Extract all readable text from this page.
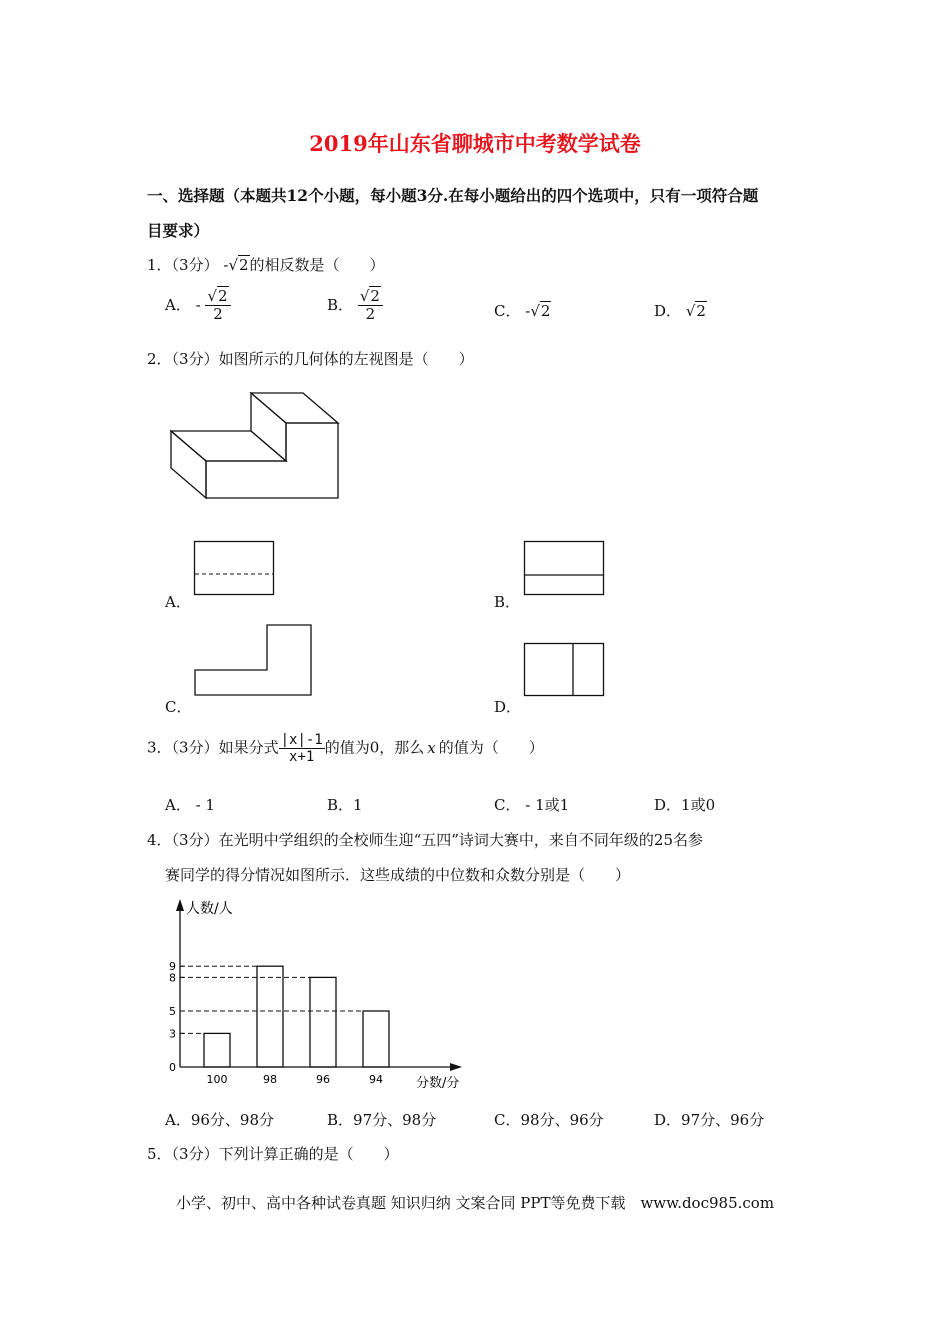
2019年山东省聊城市中考数学试卷
一、选择题（本题共12个小题，每小题3分.在每小题给出的四个选项中，只有一项符合题
目要求）
1．（3分） -√2的相反数是（　　）
A． - $\frac{√2}{2}$	B． $\frac{√2}{2}$	C． -√2	D． √2
2．（3分）如图所示的几何体的左视图是（　　）
A．	B．
C．	D．
3．（3分）如果分式 $\frac{|x|-1}{x+1}$ 的值为0，那么 x 的值为（　　）
A． - 1	B．1	C． - 1或1	D．1或0
4．（3分）在光明中学组织的全校师生迎“五四”诗词大赛中，来自不同年级的25名参
赛同学的得分情况如图所示．这些成绩的中位数和众数分别是（　　）
人数/人
分数/分
0
3
5
8
9
100	98	96	94
A．96分、98分	B．97分、98分	C．98分、96分	D．97分、96分
5．（3分）下列计算正确的是（　　）
小学、初中、高中各种试卷真题 知识归纳 文案合同 PPT等免费下载　www.doc985.com
